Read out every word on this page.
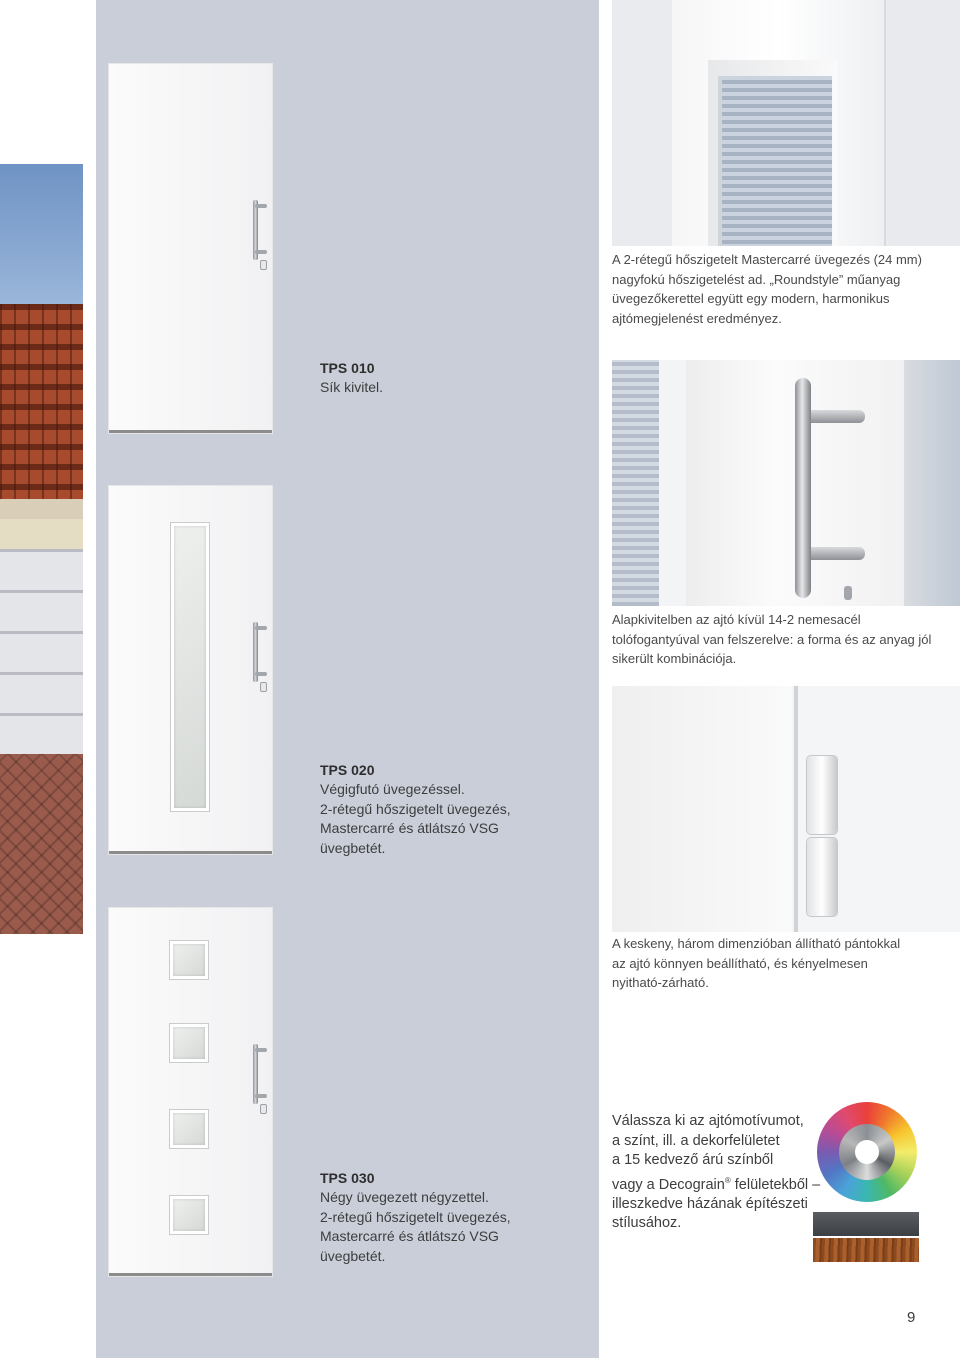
A 2-rétegű hőszigetelt Mastercarré üvegezés (24 mm)
nagyfokú hőszigetelést ad. „Roundstyle” műanyag
üvegezőkerettel együtt egy modern, harmonikus
ajtómegjelenést eredményez.
TPS 010
Sík kivitel.
Alapkivitelben az ajtó kívül 14-2 nemesacél
tolófogantyúval van felszerelve: a forma és az anyag jól
sikerült kombinációja.
TPS 020
Végigfutó üvegezéssel.
2-rétegű hőszigetelt üvegezés,
Mastercarré és átlátszó VSG
üvegbetét.
A keskeny, három dimenzióban állítható pántokkal
az ajtó könnyen beállítható, és kényelmesen
nyitható-zárható.
TPS 030
Négy üvegezett négyzettel.
2-rétegű hőszigetelt üvegezés,
Mastercarré és átlátszó VSG
üvegbetét.
Válassza ki az ajtómotívumot,
a színt, ill. a dekorfelületet
a 15 kedvező árú színből
vagy a Decograin® felületekből –
illeszkedve házának építészeti
stílusához.
9
